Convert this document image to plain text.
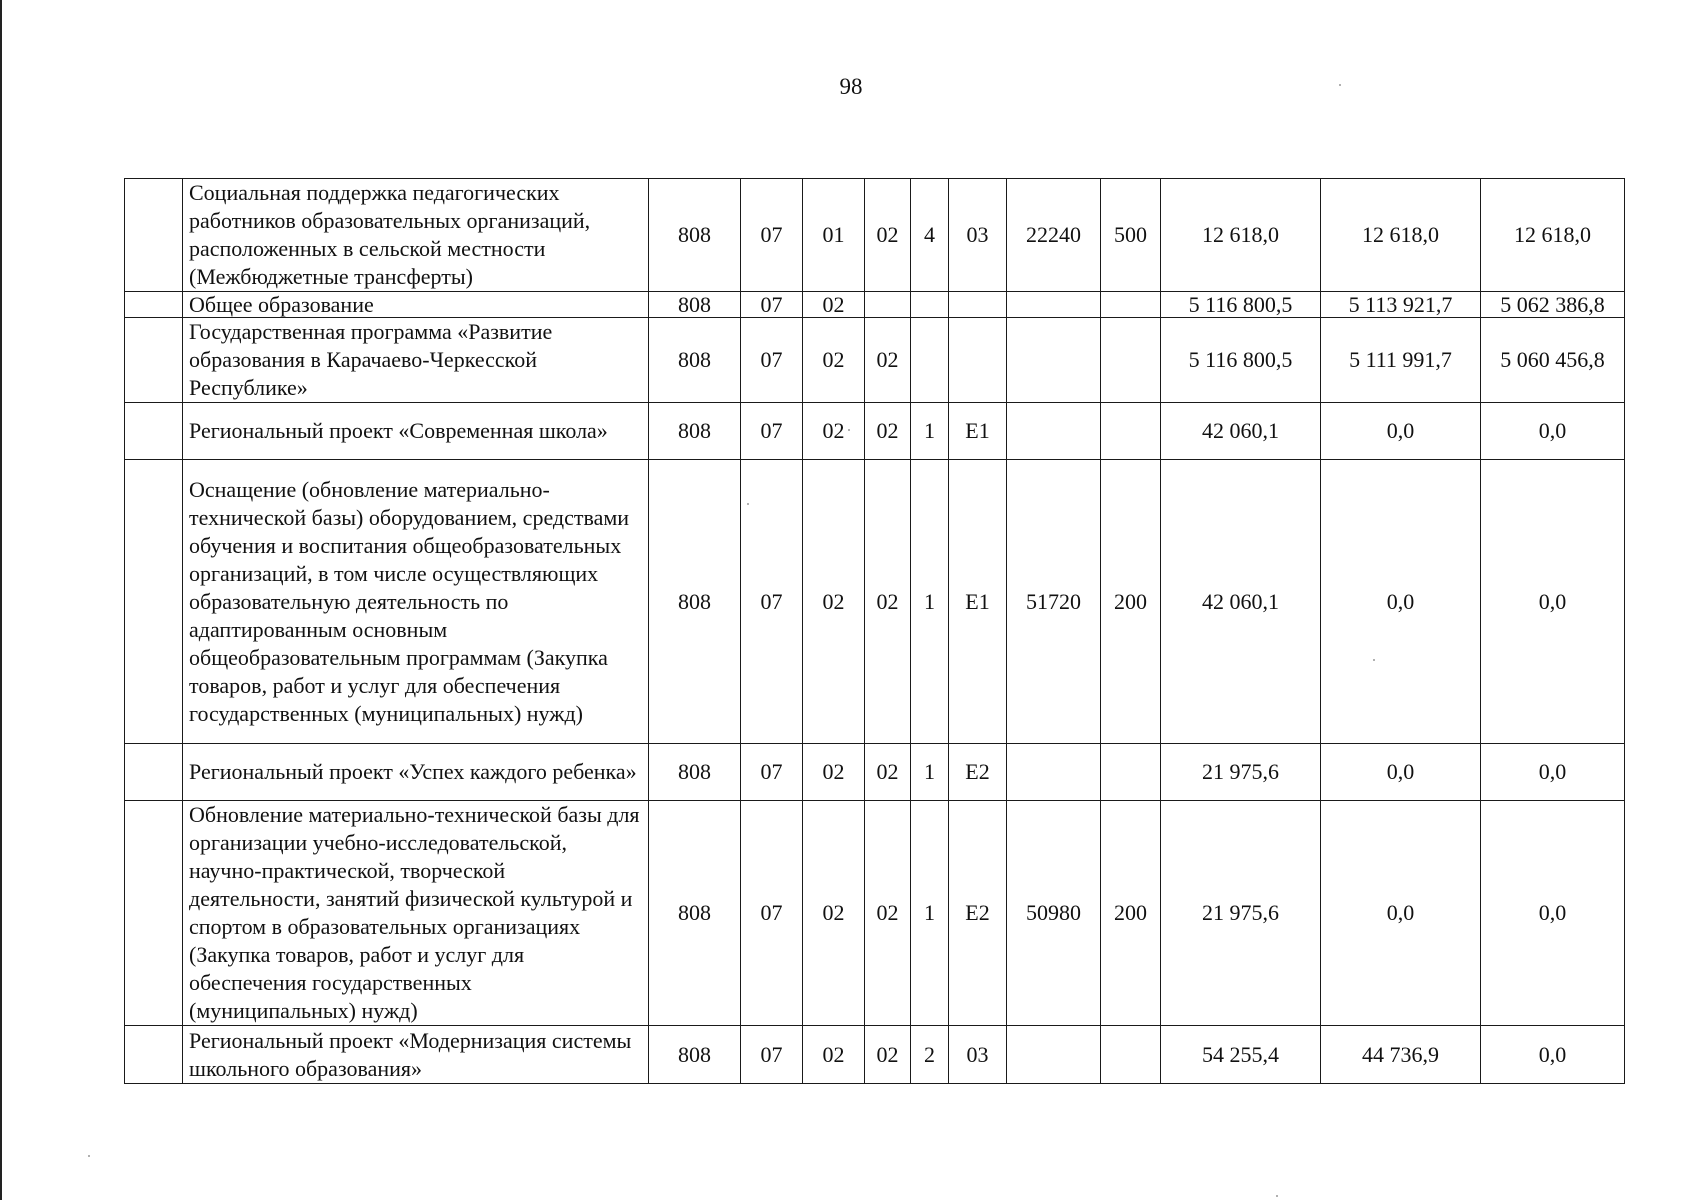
98
	Социальная поддержка педагогических работников образовательных организаций, расположенных в сельской местности (Межбюджетные трансферты)	808	07	01	02	4	03	22240	500	12 618,0	12 618,0	12 618,0
	Общее образование	808	07	02						5 116 800,5	5 113 921,7	5 062 386,8
	Государственная программа «Развитие образования в Карачаево-Черкесской Республике»	808	07	02	02					5 116 800,5	5 111 991,7	5 060 456,8
	Региональный проект «Современная школа»	808	07	02	02	1	E1			42 060,1	0,0	0,0
	Оснащение (обновление материально-технической базы) оборудованием, средствами обучения и воспитания общеобразовательных организаций, в том числе осуществляющих образовательную деятельность по адаптированным основным общеобразовательным программам (Закупка товаров, работ и услуг для обеспечения государственных (муниципальных) нужд)	808	07	02	02	1	E1	51720	200	42 060,1	0,0	0,0
	Региональный проект «Успех каждого ребенка»	808	07	02	02	1	E2			21 975,6	0,0	0,0
	Обновление материально-технической базы для организации учебно-исследовательской, научно-практической, творческой деятельности, занятий физической культурой и спортом в образовательных организациях (Закупка товаров, работ и услуг для обеспечения государственных (муниципальных) нужд)	808	07	02	02	1	E2	50980	200	21 975,6	0,0	0,0
	Региональный проект «Модернизация системы школьного образования»	808	07	02	02	2	03			54 255,4	44 736,9	0,0
